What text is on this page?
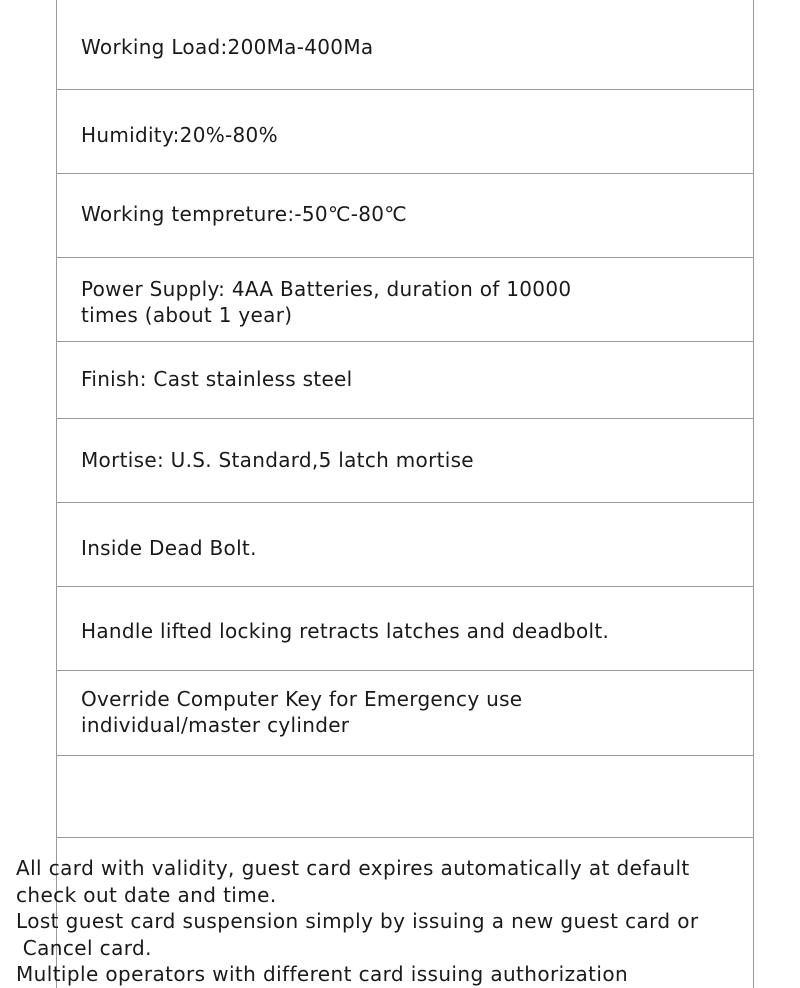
Working Load:200Ma-400Ma
Humidity:20%-80%
Working tempreture:-50℃-80℃
Power Supply: 4AA Batteries, duration of 10000
times (about 1 year)
Finish: Cast stainless steel
Mortise: U.S. Standard,5 latch mortise
Inside Dead Bolt.
Handle lifted locking retracts latches and deadbolt.
Override Computer Key for Emergency use
individual/master cylinder
All card with validity, guest card expires automatically at default
check out date and time.
Lost guest card suspension simply by issuing a new guest card or
Cancel card.
Multiple operators with different card issuing authorization
